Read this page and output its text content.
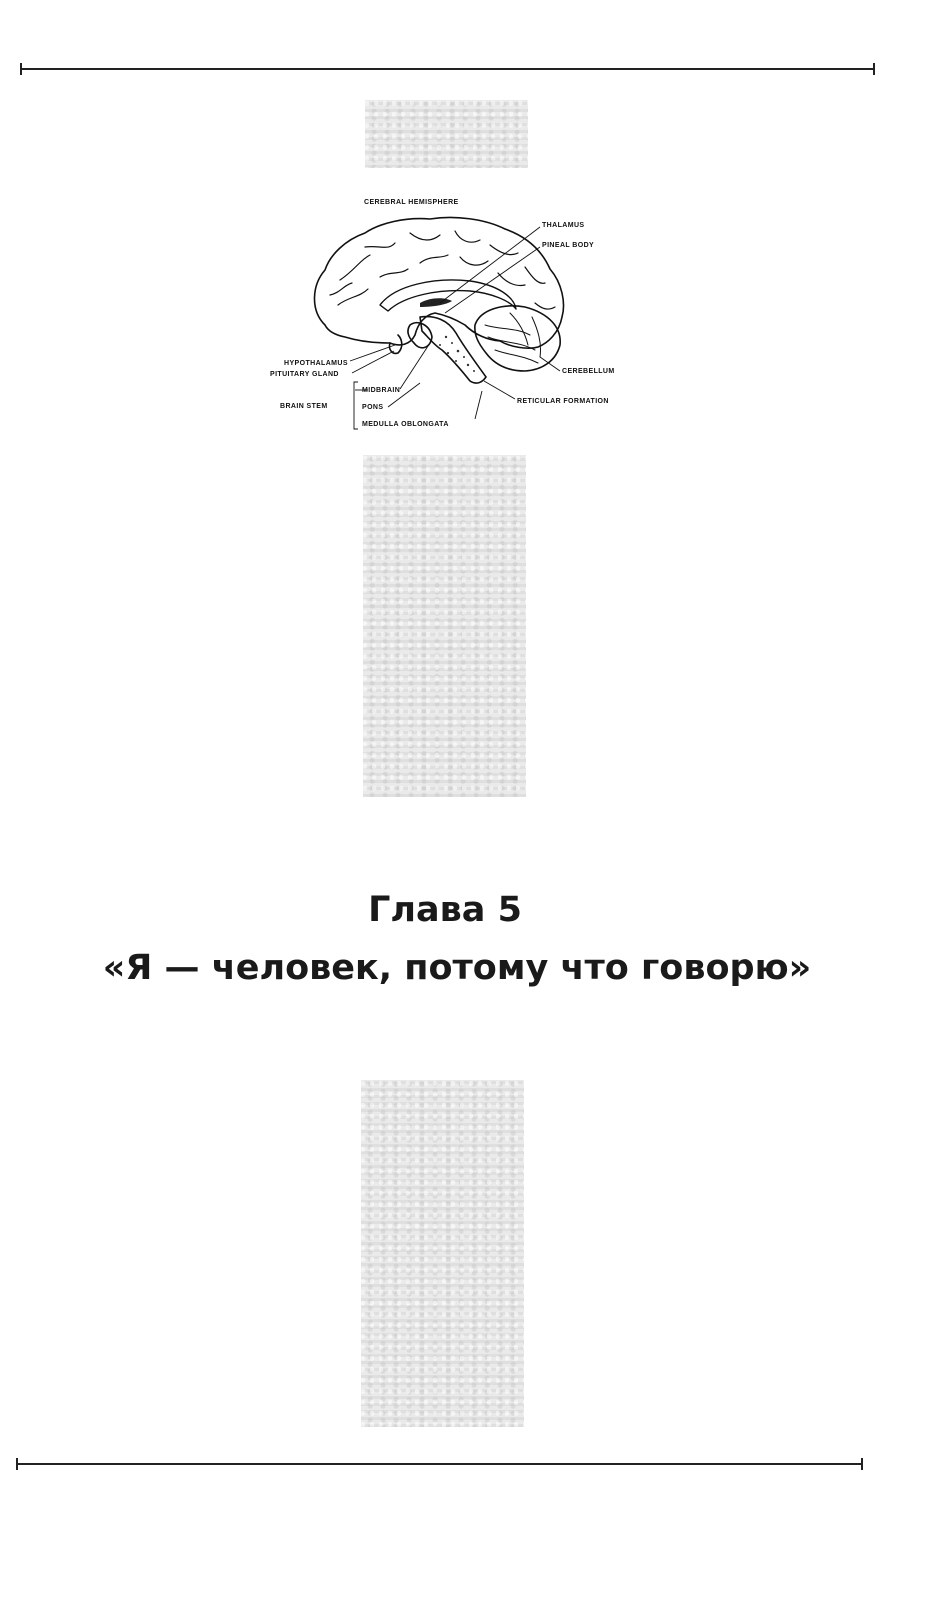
CEREBRAL HEMISPHERE
THALAMUS
PINEAL BODY
HYPOTHALAMUS
PITUITARY GLAND	CEREBELLUM
BRAIN STEM
MIDBRAIN
PONS
RETICULAR FORMATION
MEDULLA OBLONGATA
Глава 5
«Я — человек, потому что говорю»
